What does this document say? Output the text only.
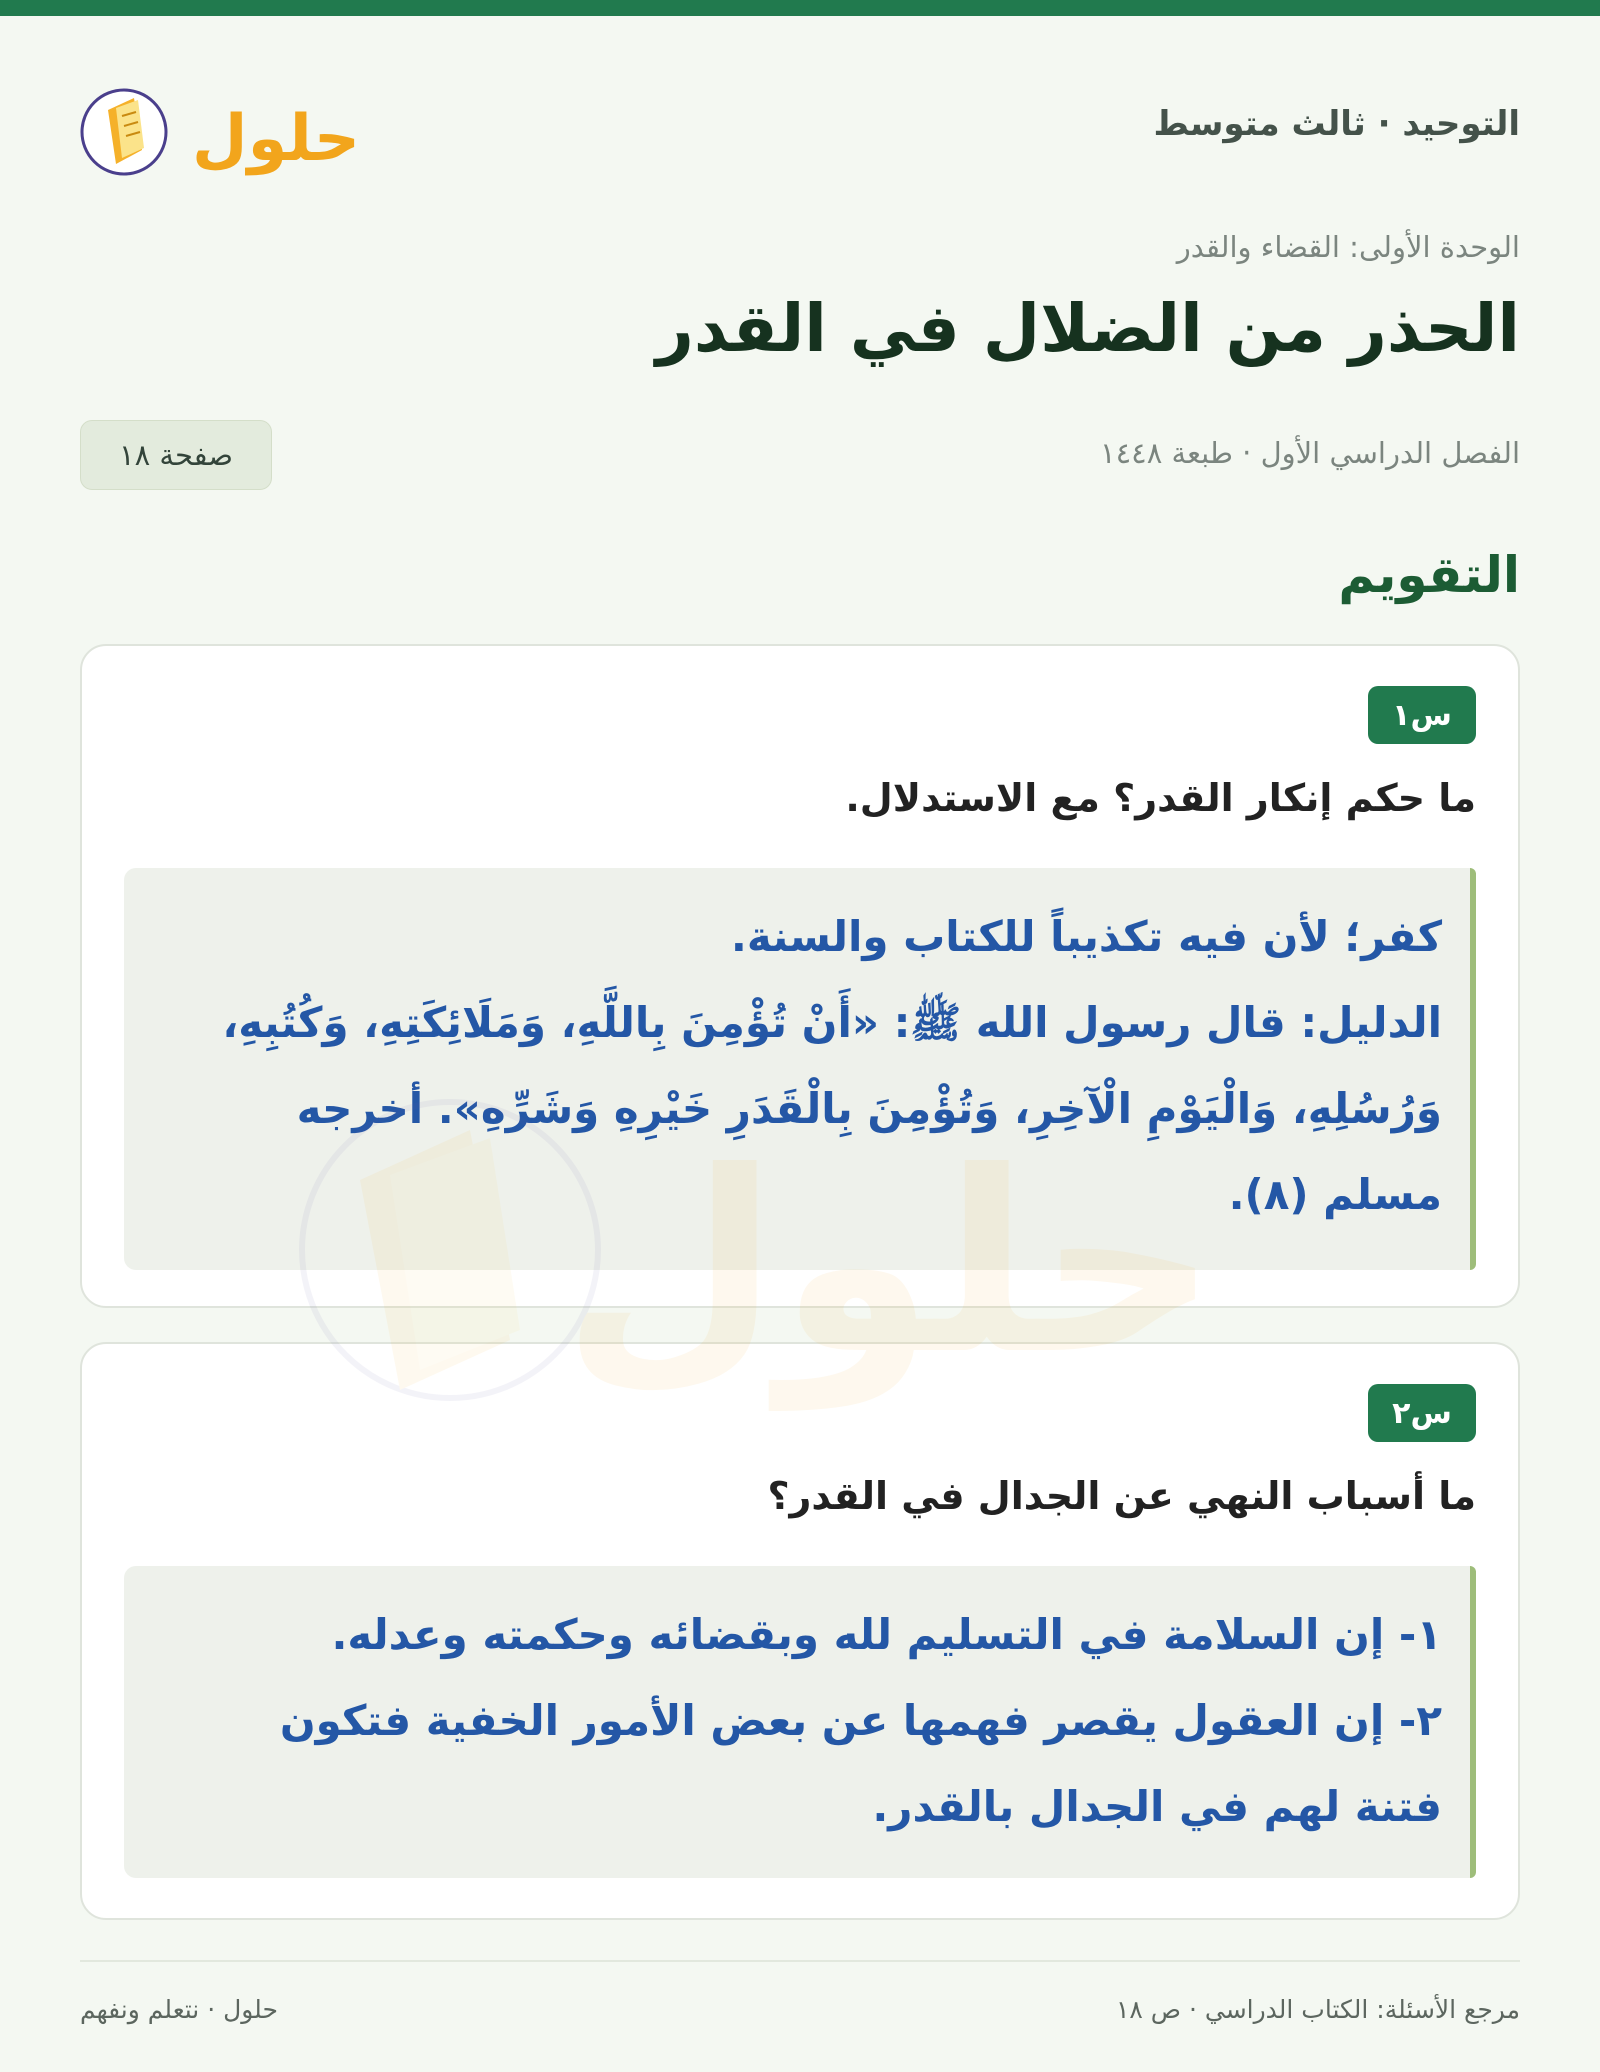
التوحيد · ثالث متوسط
حلول
الوحدة الأولى: القضاء والقدر
الحذر من الضلال في القدر
الفصل الدراسي الأول · طبعة ١٤٤٨
صفحة ١٨
التقويم
س١
ما حكم إنكار القدر؟ مع الاستدلال.

كفر؛ لأن فيه تكذيباً للكتاب والسنة.

الدليل: قال رسول الله ﷺ: «أَنْ تُؤْمِنَ بِاللَّهِ، وَمَلَائِكَتِهِ، وَكُتُبِهِ،

وَرُسُلِهِ، وَالْيَوْمِ الْآخِرِ، وَتُؤْمِنَ بِالْقَدَرِ خَيْرِهِ وَشَرِّهِ». أخرجه

مسلم (٨).

س٢
ما أسباب النهي عن الجدال في القدر؟

١- إن السلامة في التسليم لله وبقضائه وحكمته وعدله.

٢- إن العقول يقصر فهمها عن بعض الأمور الخفية فتكون

فتنة لهم في الجدال بالقدر.

مرجع الأسئلة: الكتاب الدراسي · ص ١٨
حلول · نتعلم ونفهم
